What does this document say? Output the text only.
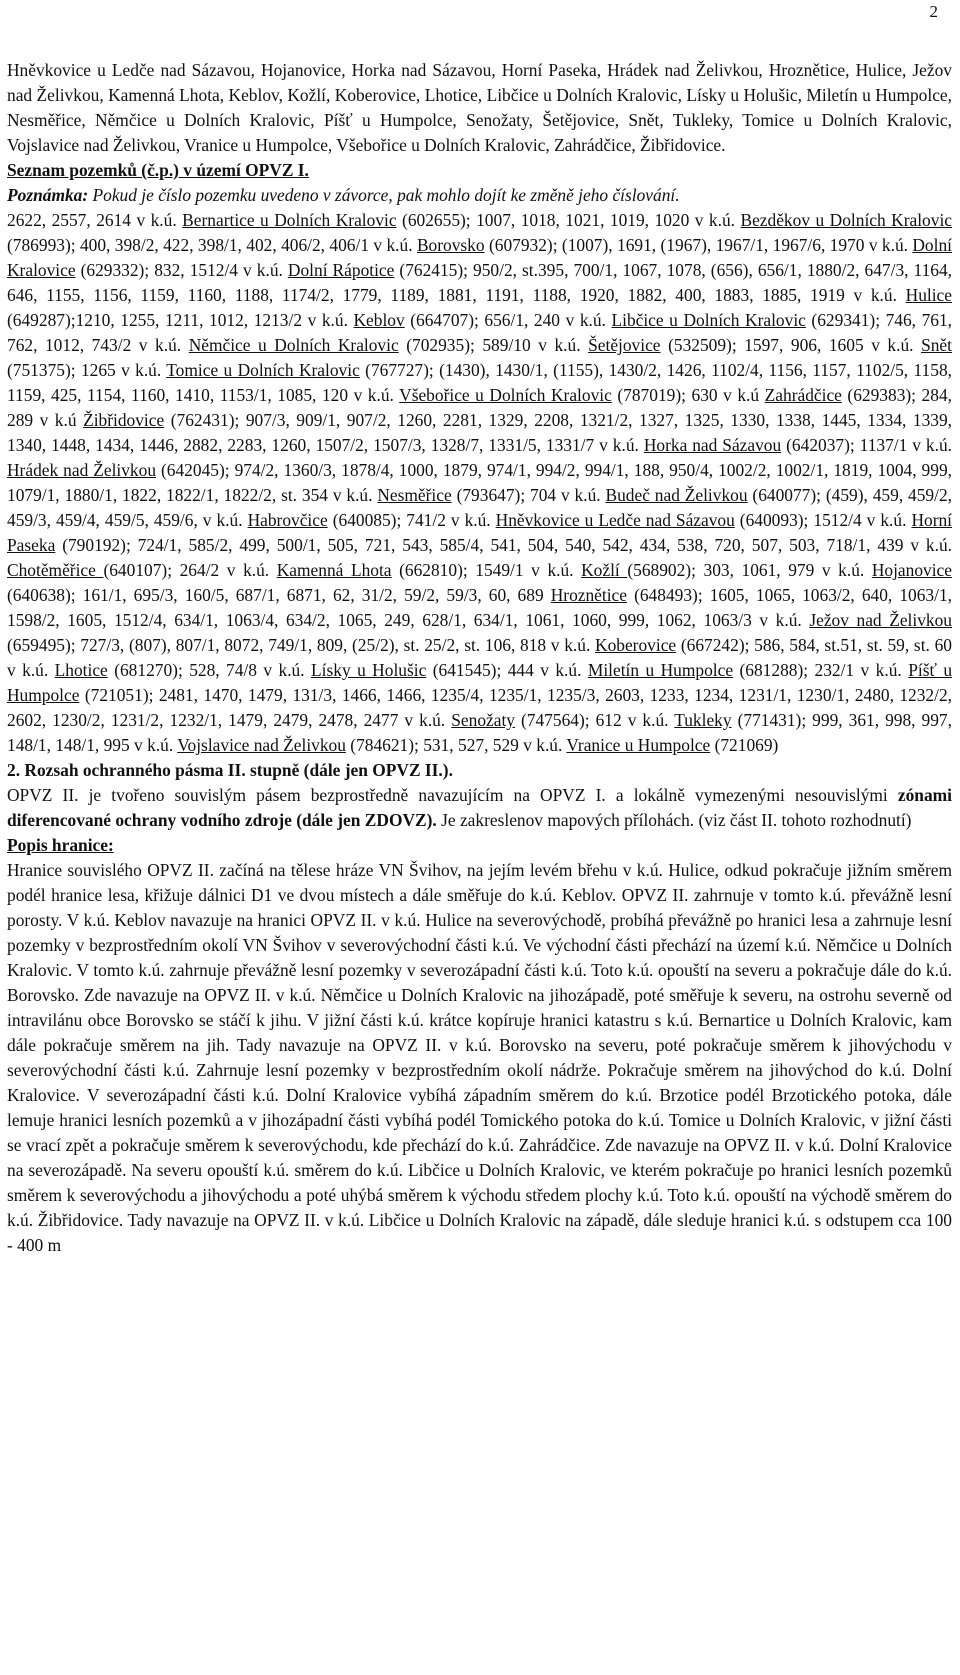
2

Hněvkovice u Ledče nad Sázavou, Hojanovice, Horka nad Sázavou, Horní Paseka, Hrádek nad Želivkou, Hroznětice, Hulice, Ježov nad Želivkou, Kamenná Lhota, Keblov, Kožlí, Koberovice, Lhotice, Libčice u Dolních Kralovic, Lísky u Holušic, Miletín u Humpolce, Nesměřice, Němčice u Dolních Kralovic, Píšť u Humpolce, Senožaty, Šetějovice, Snět, Tukleky, Tomice u Dolních Kralovic, Vojslavice nad Želivkou, Vranice u Humpolce, Všebořice u Dolních Kralovic, Zahrádčice, Žibřidovice.

Seznam pozemků (č.p.) v území OPVZ I.

Poznámka: Pokud je číslo pozemku uvedeno v závorce, pak mohlo dojít ke změně jeho číslování.

2622, 2557, 2614 v k.ú. Bernartice u Dolních Kralovic (602655); 1007, 1018, 1021, 1019, 1020 v k.ú. Bezděkov u Dolních Kralovic (786993); 400, 398/2, 422, 398/1, 402, 406/2, 406/1 v k.ú. Borovsko (607932); (1007), 1691, (1967), 1967/1, 1967/6, 1970 v k.ú. Dolní Kralovice (629332); 832, 1512/4 v k.ú. Dolní Rápotice (762415); 950/2, st.395, 700/1, 1067, 1078, (656), 656/1, 1880/2, 647/3, 1164, 646, 1155, 1156, 1159, 1160, 1188, 1174/2, 1779, 1189, 1881, 1191, 1188, 1920, 1882, 400, 1883, 1885, 1919 v k.ú. Hulice (649287);1210, 1255, 1211, 1012, 1213/2 v k.ú. Keblov (664707); 656/1, 240 v k.ú. Libčice u Dolních Kralovic (629341); 746, 761, 762, 1012, 743/2 v k.ú. Němčice u Dolních Kralovic (702935); 589/10 v k.ú. Šetějovice (532509); 1597, 906, 1605 v k.ú. Snět (751375); 1265 v k.ú. Tomice u Dolních Kralovic (767727); (1430), 1430/1, (1155), 1430/2, 1426, 1102/4, 1156, 1157, 1102/5, 1158, 1159, 425, 1154, 1160, 1410, 1153/1, 1085, 120 v k.ú. Všebořice u Dolních Kralovic (787019); 630 v k.ú Zahrádčice (629383); 284, 289 v k.ú Žibřidovice (762431); 907/3, 909/1, 907/2, 1260, 2281, 1329, 2208, 1321/2, 1327, 1325, 1330, 1338, 1445, 1334, 1339, 1340, 1448, 1434, 1446, 2882, 2283, 1260, 1507/2, 1507/3, 1328/7, 1331/5, 1331/7 v k.ú. Horka nad Sázavou (642037); 1137/1 v k.ú. Hrádek nad Želivkou (642045); 974/2, 1360/3, 1878/4, 1000, 1879, 974/1, 994/2, 994/1, 188, 950/4, 1002/2, 1002/1, 1819, 1004, 999, 1079/1, 1880/1, 1822, 1822/1, 1822/2, st. 354 v k.ú. Nesměřice (793647); 704 v k.ú. Budeč nad Želivkou (640077); (459), 459, 459/2, 459/3, 459/4, 459/5, 459/6, v k.ú. Habrovčice (640085); 741/2 v k.ú. Hněvkovice u Ledče nad Sázavou (640093); 1512/4 v k.ú. Horní Paseka (790192); 724/1, 585/2, 499, 500/1, 505, 721, 543, 585/4, 541, 504, 540, 542, 434, 538, 720, 507, 503, 718/1, 439 v k.ú. Chotěměřice (640107); 264/2 v k.ú. Kamenná Lhota (662810); 1549/1 v k.ú. Kožlí (568902); 303, 1061, 979 v k.ú. Hojanovice (640638); 161/1, 695/3, 160/5, 687/1, 6871, 62, 31/2, 59/2, 59/3, 60, 689 Hroznětice (648493); 1605, 1065, 1063/2, 640, 1063/1, 1598/2, 1605, 1512/4, 634/1, 1063/4, 634/2, 1065, 249, 628/1, 634/1, 1061, 1060, 999, 1062, 1063/3 v k.ú. Ježov nad Želivkou (659495); 727/3, (807), 807/1, 8072, 749/1, 809, (25/2), st. 25/2, st. 106, 818 v k.ú. Koberovice (667242); 586, 584, st.51, st. 59, st. 60 v k.ú. Lhotice (681270); 528, 74/8 v k.ú. Lísky u Holušic (641545); 444 v k.ú. Miletín u Humpolce (681288); 232/1 v k.ú. Píšť u Humpolce (721051); 2481, 1470, 1479, 131/3, 1466, 1466, 1235/4, 1235/1, 1235/3, 2603, 1233, 1234, 1231/1, 1230/1, 2480, 1232/2, 2602, 1230/2, 1231/2, 1232/1, 1479, 2479, 2478, 2477 v k.ú. Senožaty (747564); 612 v k.ú. Tukleky (771431); 999, 361, 998, 997, 148/1, 148/1, 995 v k.ú. Vojslavice nad Želivkou (784621); 531, 527, 529 v k.ú. Vranice u Humpolce (721069)

2. Rozsah ochranného pásma II. stupně (dále jen OPVZ II.).

OPVZ II. je tvořeno souvislým pásem bezprostředně navazujícím na OPVZ I. a lokálně vymezenými nesouvislými zónami diferencované ochrany vodního zdroje (dále jen ZDOVZ). Je zakreslenov mapových přílohách. (viz část II. tohoto rozhodnutí)

Popis hranice:

Hranice souvislého OPVZ II. začíná na tělese hráze VN Švihov, na jejím levém břehu v k.ú. Hulice, odkud pokračuje jižním směrem podél hranice lesa, křižuje dálnici D1 ve dvou místech a dále směřuje do k.ú. Keblov. OPVZ II. zahrnuje v tomto k.ú. převážně lesní porosty. V k.ú. Keblov navazuje na hranici OPVZ II. v k.ú. Hulice na severovýchodě, probíhá převážně po hranici lesa a zahrnuje lesní pozemky v bezprostředním okolí VN Švihov v severovýchodní části k.ú. Ve východní části přechází na území k.ú. Němčice u Dolních Kralovic. V tomto k.ú. zahrnuje převážně lesní pozemky v severozápadní části k.ú. Toto k.ú. opouští na severu a pokračuje dále do k.ú. Borovsko. Zde navazuje na OPVZ II. v k.ú. Němčice u Dolních Kralovic na jihozápadě, poté směřuje k severu, na ostrohu severně od intravilánu obce Borovsko se stáčí k jihu. V jižní části k.ú. krátce kopíruje hranici katastru s k.ú. Bernartice u Dolních Kralovic, kam dále pokračuje směrem na jih. Tady navazuje na OPVZ II. v k.ú. Borovsko na severu, poté pokračuje směrem k jihovýchodu v severovýchodní části k.ú. Zahrnuje lesní pozemky v bezprostředním okolí nádrže. Pokračuje směrem na jihovýchod do k.ú. Dolní Kralovice. V severozápadní části k.ú. Dolní Kralovice vybíhá západním směrem do k.ú. Brzotice podél Brzotického potoka, dále lemuje hranici lesních pozemků a v jihozápadní části vybíhá podél Tomického potoka do k.ú. Tomice u Dolních Kralovic, v jižní části se vrací zpět a pokračuje směrem k severovýchodu, kde přechází do k.ú. Zahrádčice. Zde navazuje na OPVZ II. v k.ú. Dolní Kralovice na severozápadě. Na severu opouští k.ú. směrem do k.ú. Libčice u Dolních Kralovic, ve kterém pokračuje po hranici lesních pozemků směrem k severovýchodu a jihovýchodu a poté uhýbá směrem k východu středem plochy k.ú. Toto k.ú. opouští na východě směrem do k.ú. Žibřidovice. Tady navazuje na OPVZ II. v k.ú. Libčice u Dolních Kralovic na západě, dále sleduje hranici k.ú. s odstupem cca 100 - 400 m
